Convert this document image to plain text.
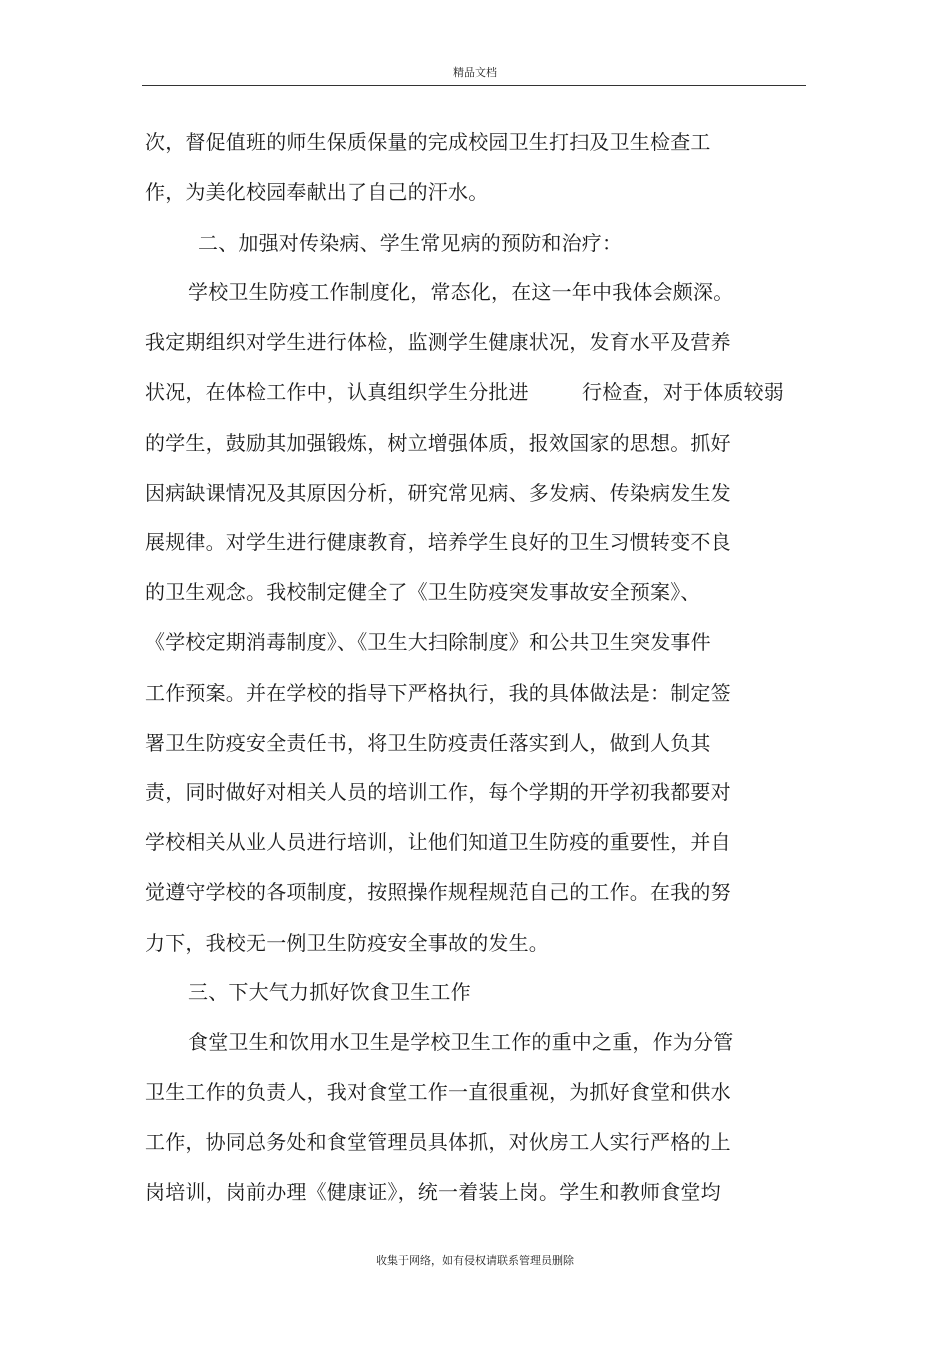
精品文档
次，督促值班的师生保质保量的完成校园卫生打扫及卫生检查工
作，为美化校园奉献出了自己的汗水。
二、加强对传染病、学生常见病的预防和治疗：
学校卫生防疫工作制度化，常态化，在这一年中我体会颇深。
我定期组织对学生进行体检，监测学生健康状况，发育水平及营养
状况，在体检工作中，认真组织学生分批进	行检查，对于体质较弱
的学生，鼓励其加强锻炼，树立增强体质，报效国家的思想。抓好
因病缺课情况及其原因分析，研究常见病、多发病、传染病发生发
展规律。对学生进行健康教育，培养学生良好的卫生习惯转变不良
的卫生观念。我校制定健全了《卫生防疫突发事故安全预案》、
《学校定期消毒制度》、《卫生大扫除制度》和公共卫生突发事件
工作预案。并在学校的指导下严格执行，我的具体做法是：制定签
署卫生防疫安全责任书，将卫生防疫责任落实到人，做到人负其
责，同时做好对相关人员的培训工作，每个学期的开学初我都要对
学校相关从业人员进行培训，让他们知道卫生防疫的重要性，并自
觉遵守学校的各项制度，按照操作规程规范自己的工作。在我的努
力下，我校无一例卫生防疫安全事故的发生。
三、下大气力抓好饮食卫生工作
食堂卫生和饮用水卫生是学校卫生工作的重中之重，作为分管
卫生工作的负责人，我对食堂工作一直很重视，为抓好食堂和供水
工作，协同总务处和食堂管理员具体抓，对伙房工人实行严格的上
岗培训，岗前办理《健康证》，统一着装上岗。学生和教师食堂均
收集于网络，如有侵权请联系管理员删除
